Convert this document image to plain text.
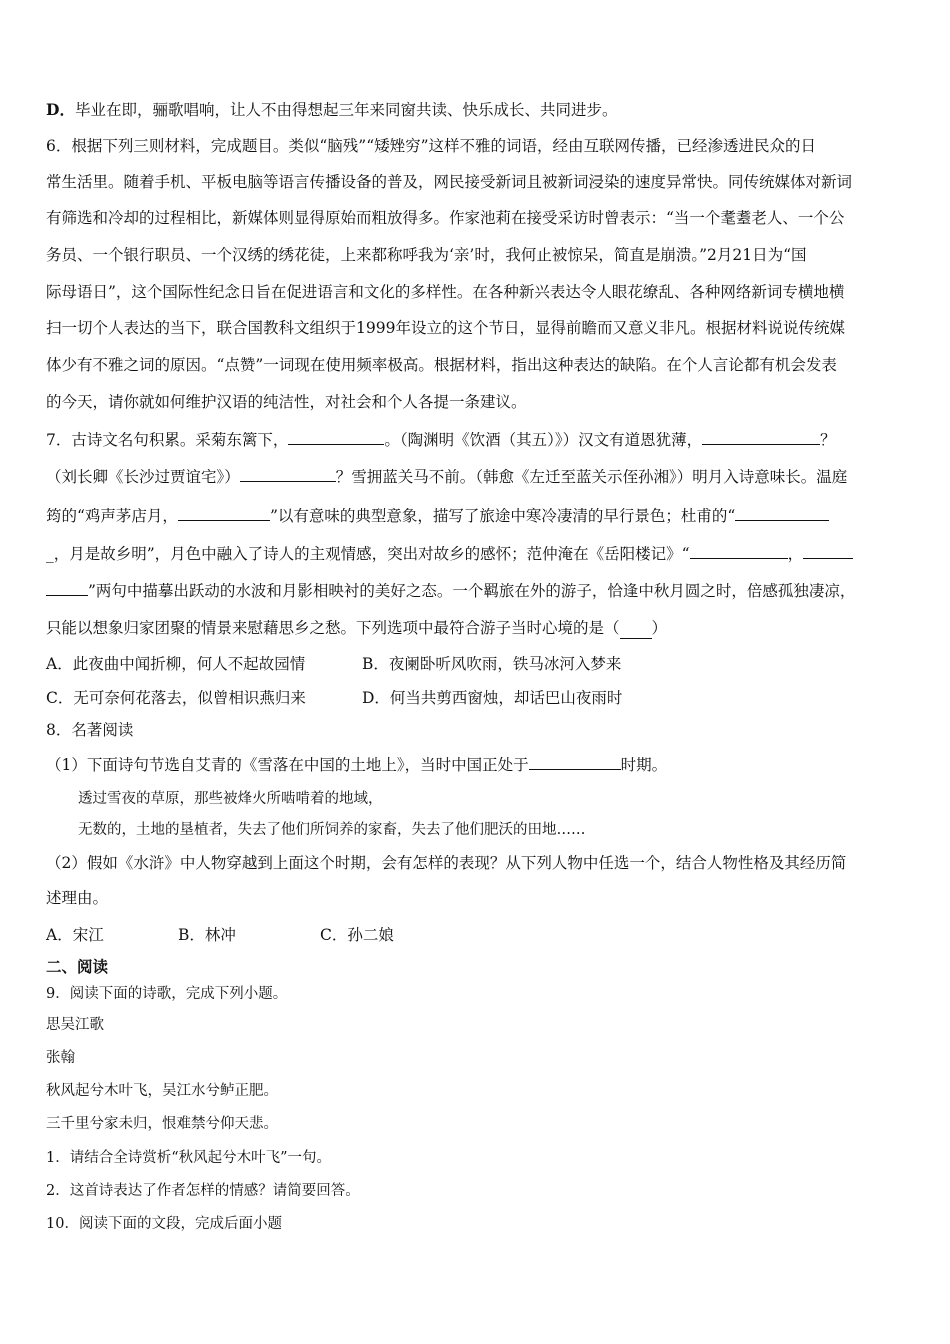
D．毕业在即，骊歌唱响，让人不由得想起三年来同窗共读、快乐成长、共同进步。
6．根据下列三则材料，完成题目。类似“脑残”“矮矬穷”这样不雅的词语，经由互联网传播，已经渗透进民众的日
常生活里。随着手机、平板电脑等语言传播设备的普及，网民接受新词且被新词浸染的速度异常快。同传统媒体对新词
有筛选和冷却的过程相比，新媒体则显得原始而粗放得多。作家池莉在接受采访时曾表示：“当一个耄耋老人、一个公
务员、一个银行职员、一个汉绣的绣花徒，上来都称呼我为‘亲’时，我何止被惊呆，简直是崩溃。”2月21日为“国
际母语日”，这个国际性纪念日旨在促进语言和文化的多样性。在各种新兴表达令人眼花缭乱、各种网络新词专横地横
扫一切个人表达的当下，联合国教科文组织于1999年设立的这个节日，显得前瞻而又意义非凡。根据材料说说传统媒
体少有不雅之词的原因。“点赞”一词现在使用频率极高。根据材料，指出这种表达的缺陷。在个人言论都有机会发表
的今天，请你就如何维护汉语的纯洁性，对社会和个人各提一条建议。
7．古诗文名句积累。采菊东篱下，	。（陶渊明《饮酒（其五）》）汉文有道恩犹薄，	？
（刘长卿《长沙过贾谊宅》）	？雪拥蓝关马不前。（韩愈《左迁至蓝关示侄孙湘》）明月入诗意味长。温庭
筠的“鸡声茅店月，	”以有意味的典型意象，描写了旅途中寒冷凄清的早行景色；杜甫的“
_，月是故乡明”，月色中融入了诗人的主观情感，突出对故乡的感怀；范仲淹在《岳阳楼记》“	，
”两句中描摹出跃动的水波和月影相映衬的美好之态。一个羁旅在外的游子，恰逢中秋月圆之时，倍感孤独凄凉，
只能以想象归家团聚的情景来慰藉思乡之愁。下列选项中最符合游子当时心境的是（ ）
A．此夜曲中闻折柳，何人不起故园情	B．夜阑卧听风吹雨，铁马冰河入梦来
C．无可奈何花落去，似曾相识燕归来	D．何当共剪西窗烛，却话巴山夜雨时
8．名著阅读
（1）下面诗句节选自艾青的《雪落在中国的土地上》，当时中国正处于	时期。
透过雪夜的草原，那些被烽火所啮啃着的地域，
无数的，土地的垦植者，失去了他们所饲养的家畜，失去了他们肥沃的田地……
（2）假如《水浒》中人物穿越到上面这个时期，会有怎样的表现？从下列人物中任选一个，结合人物性格及其经历简
述理由。
A．宋江	B．林冲	C．孙二娘
二、阅读
9．阅读下面的诗歌，完成下列小题。
思吴江歌
张翰
秋风起兮木叶飞，吴江水兮鲈正肥。
三千里兮家未归，恨难禁兮仰天悲。
1．请结合全诗赏析“秋风起兮木叶飞”一句。
2．这首诗表达了作者怎样的情感？请简要回答。
10．阅读下面的文段，完成后面小题
